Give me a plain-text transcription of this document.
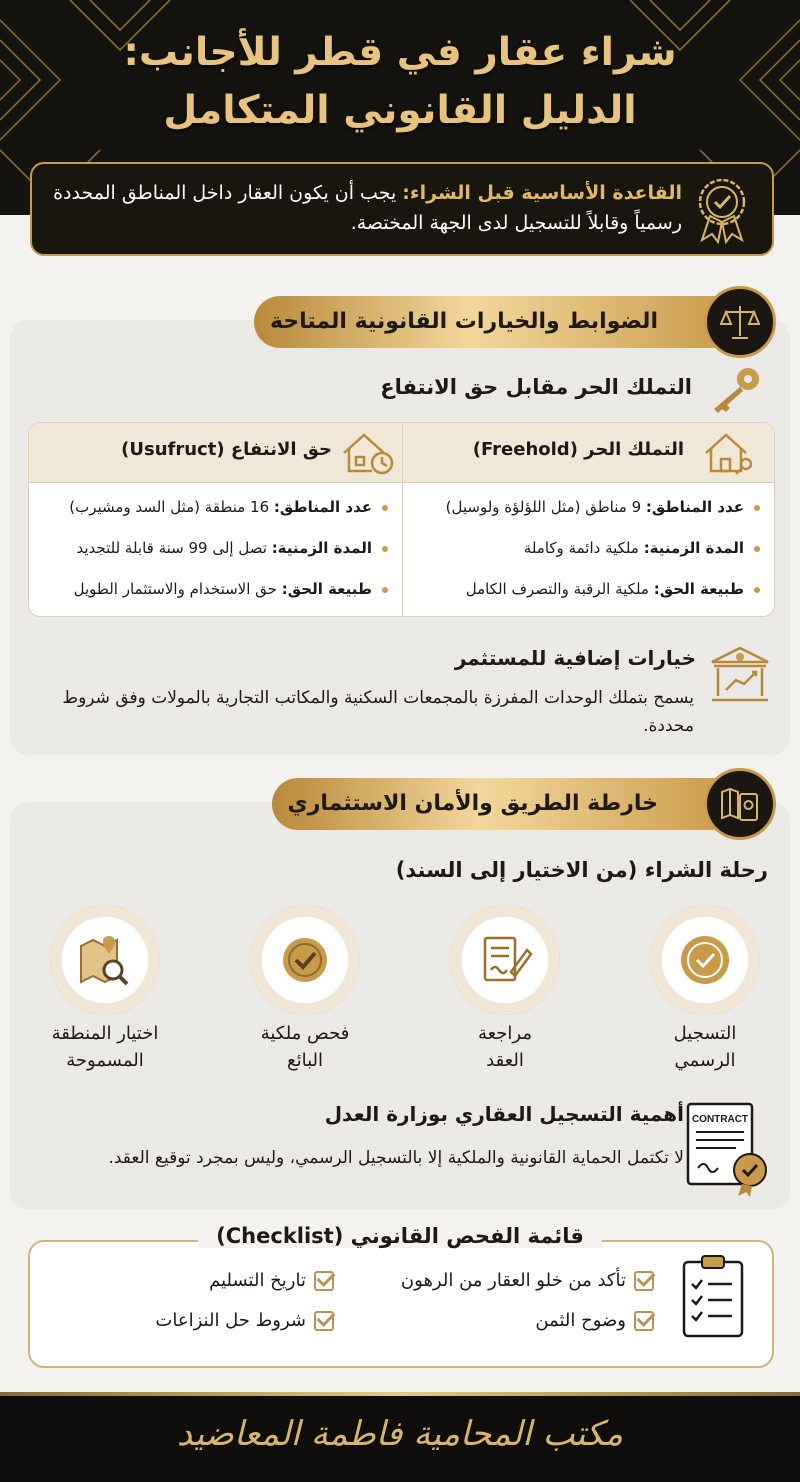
شراء عقار في قطر للأجانب:
الدليل القانوني المتكامل
القاعدة الأساسية قبل الشراء: يجب أن يكون العقار داخل المناطق المحددة رسمياً وقابلاً للتسجيل لدى الجهة المختصة.
الضوابط والخيارات القانونية المتاحة
التملك الحر مقابل حق الانتفاع
التملك الحر (Freehold)
عدد المناطق: 9 مناطق (مثل اللؤلؤة ولوسيل)
المدة الزمنية: ملكية دائمة وكاملة
طبيعة الحق: ملكية الرقبة والتصرف الكامل
حق الانتفاع (Usufruct)
عدد المناطق: 16 منطقة (مثل السد ومشيرب)
المدة الزمنية: تصل إلى 99 سنة قابلة للتجديد
طبيعة الحق: حق الاستخدام والاستثمار الطويل
خيارات إضافية للمستثمر
يسمح بتملك الوحدات المفرزة بالمجمعات السكنية والمكاتب التجارية بالمولات وفق شروط محددة.
خارطة الطريق والأمان الاستثماري
رحلة الشراء (من الاختيار إلى السند)
التسجيل
الرسمي
مراجعة
العقد
فحص ملكية
البائع
اختيار المنطقة
المسموحة
CONTRACT
أهمية التسجيل العقاري بوزارة العدل
لا تكتمل الحماية القانونية والملكية إلا بالتسجيل الرسمي، وليس بمجرد توقيع العقد.
قائمة الفحص القانوني (Checklist)
تأكد من خلو العقار من الرهون
تاريخ التسليم
وضوح الثمن
شروط حل النزاعات
مكتب المحامية فاطمة المعاضيد
